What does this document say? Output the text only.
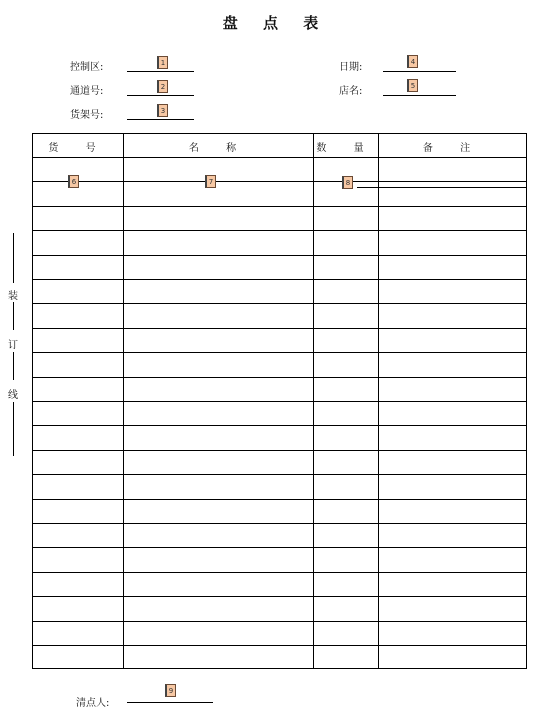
盘 点 表
控制区:	1
通道号:	2
货架号:	3
日期:	4
店名:	5
装
订
线
货 号	名 称	数 量	备 注
6	7	8
清点人:
9
